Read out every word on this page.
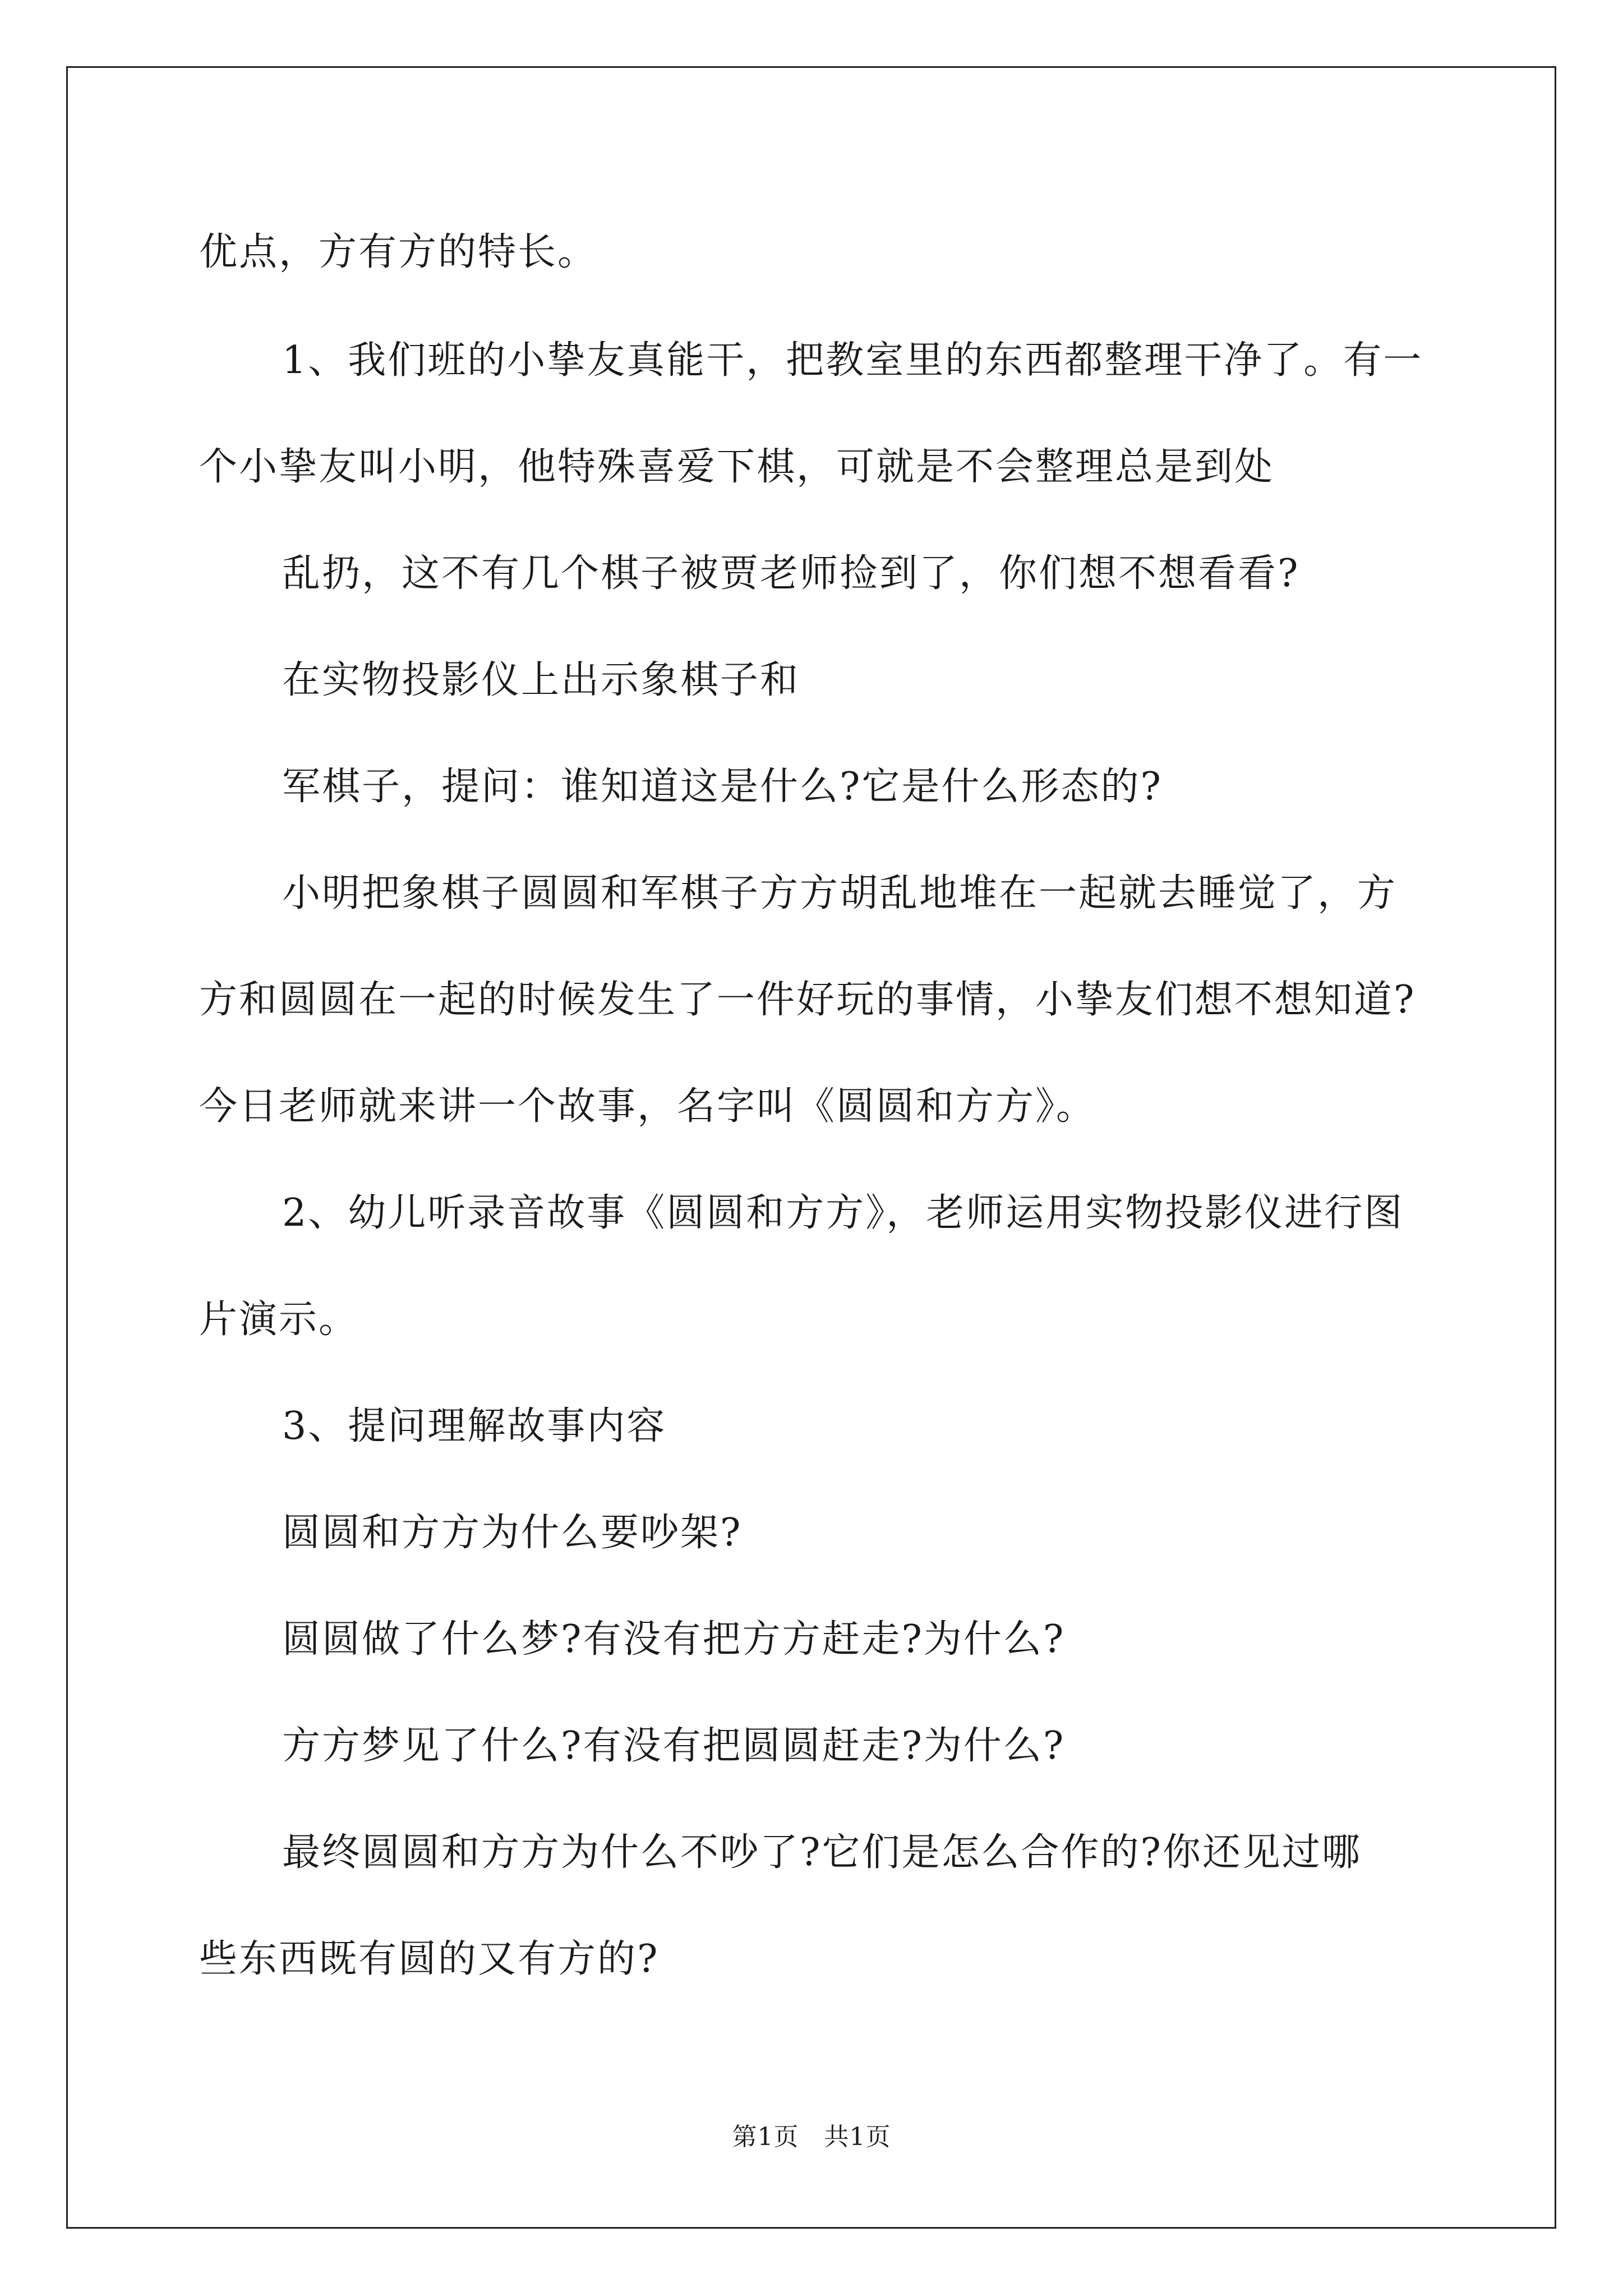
优点，方有方的特长。
1、我们班的小挚友真能干，把教室里的东西都整理干净了。有一
个小挚友叫小明，他特殊喜爱下棋，可就是不会整理总是到处
乱扔，这不有几个棋子被贾老师捡到了，你们想不想看看?
在实物投影仪上出示象棋子和
军棋子，提问：谁知道这是什么?它是什么形态的?
小明把象棋子圆圆和军棋子方方胡乱地堆在一起就去睡觉了，方
方和圆圆在一起的时候发生了一件好玩的事情，小挚友们想不想知道?
今日老师就来讲一个故事，名字叫《圆圆和方方》。
2、幼儿听录音故事《圆圆和方方》，老师运用实物投影仪进行图
片演示。
3、提问理解故事内容
圆圆和方方为什么要吵架?
圆圆做了什么梦?有没有把方方赶走?为什么?
方方梦见了什么?有没有把圆圆赶走?为什么?
最终圆圆和方方为什么不吵了?它们是怎么合作的?你还见过哪
些东西既有圆的又有方的?
第1页　共1页
